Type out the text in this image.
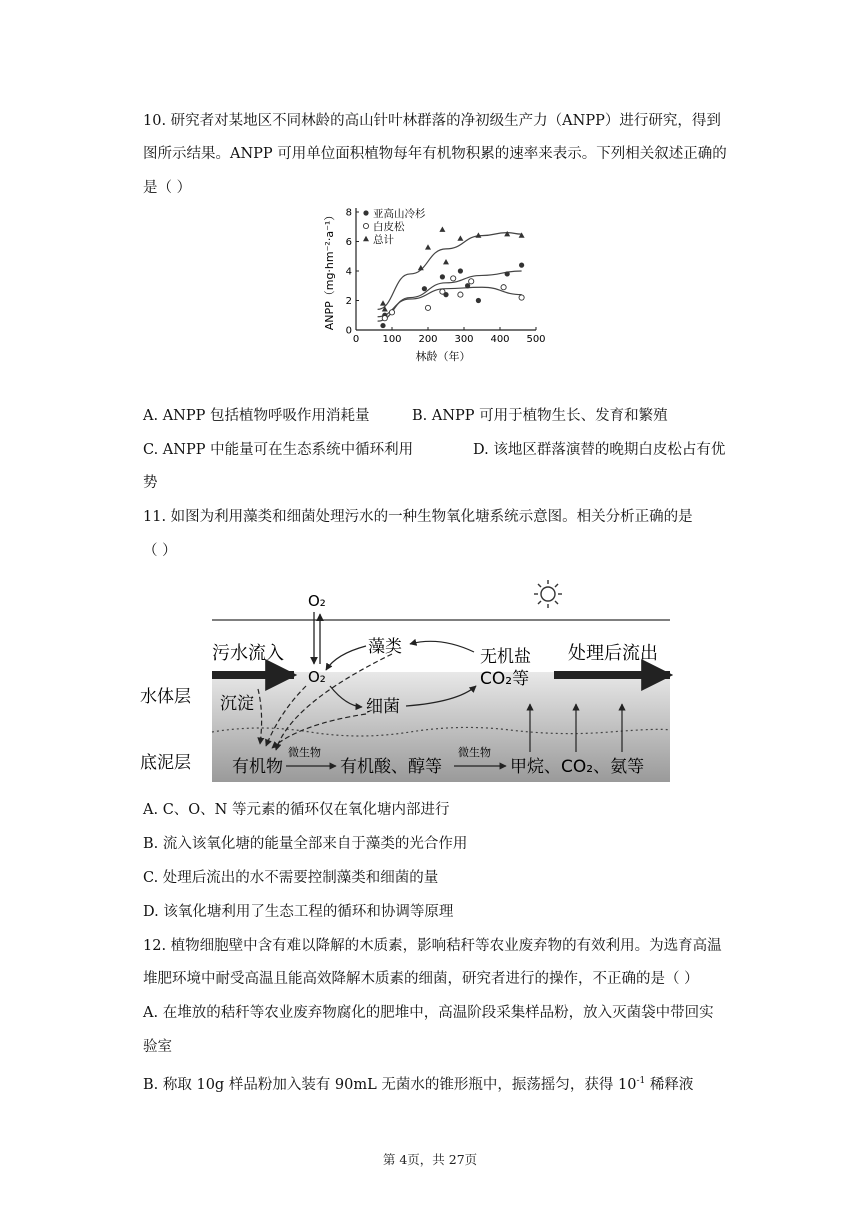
10. 研究者对某地区不同林龄的高山针叶林群落的净初级生产力（ANPP）进行研究，得到
图所示结果。ANPP 可用单位面积植物每年有机物积累的速率来表示。下列相关叙述正确的
是（ ）
0 100 200 300 400 500
0
2
4
6
8 亚高山冷杉
白皮松
总计
ANPP（mg·hm⁻²·a⁻¹）
林龄（年）
A. ANPP 包括植物呼吸作用消耗量	B. ANPP 可用于植物生长、发育和繁殖
C. ANPP 中能量可在生态系统中循环利用	D. 该地区群落演替的晚期白皮松占有优
势
11. 如图为利用藻类和细菌处理污水的一种生物氧化塘系统示意图。相关分析正确的是
（ ）
O₂
污水流入
O₂
藻类
细菌
无机盐
CO₂等
处理后流出
水体层 沉淀
底泥层 有机物
微生物
有机酸、醇等
微生物
甲烷、CO₂、氨等
A. C、O、N 等元素的循环仅在氧化塘内部进行
B. 流入该氧化塘的能量全部来自于藻类的光合作用
C. 处理后流出的水不需要控制藻类和细菌的量
D. 该氧化塘利用了生态工程的循环和协调等原理
12. 植物细胞壁中含有难以降解的木质素，影响秸秆等农业废弃物的有效利用。为选育高温
堆肥环境中耐受高温且能高效降解木质素的细菌，研究者进行的操作，不正确的是（ ）
A. 在堆放的秸秆等农业废弃物腐化的肥堆中，高温阶段采集样品粉，放入灭菌袋中带回实
验室
B. 称取 10g 样品粉加入装有 90mL 无菌水的锥形瓶中，振荡摇匀，获得 $10^{-1}$ 稀释液
第 4页，共 27页
